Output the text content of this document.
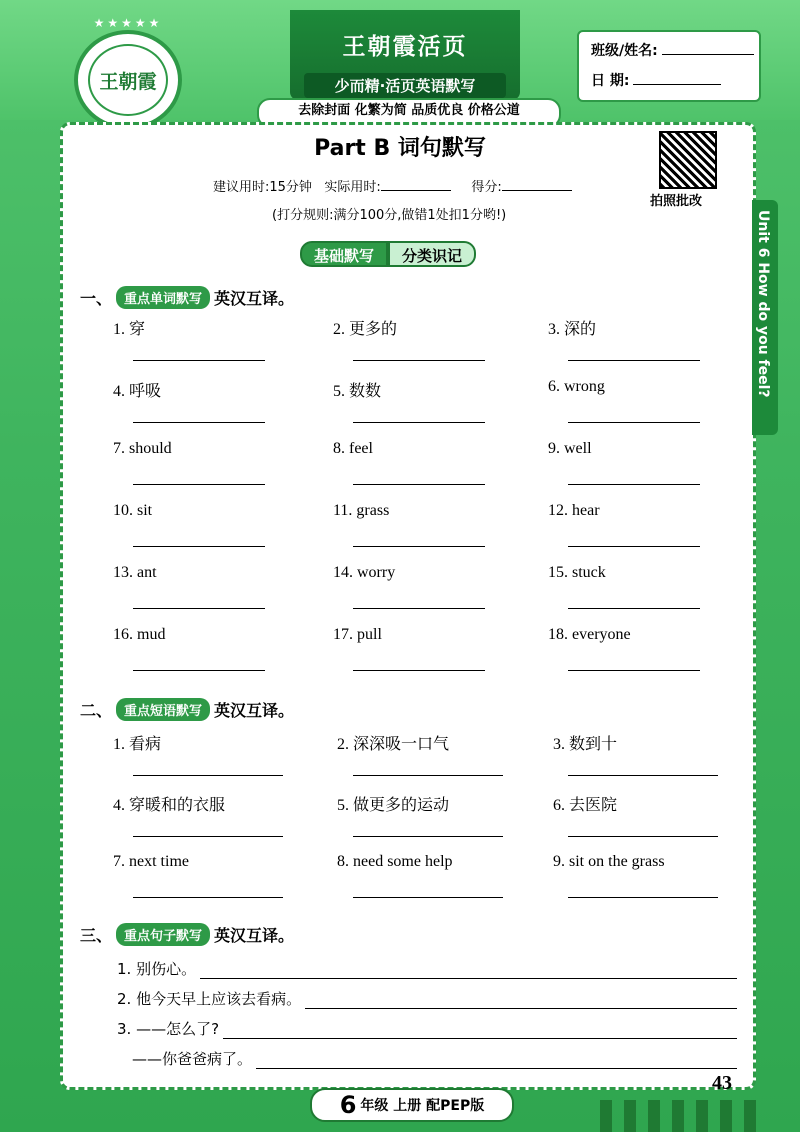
★★★★★
王朝霞
王朝霞活页
少而精·活页英语默写
班级/姓名:
日 期:
去除封面 化繁为简 品质优良 价格公道
Unit 6 How do you feel?
Part B 词句默写
拍照批改
建议用时:15分钟 实际用时:	得分:
(打分规则:满分100分,做错1处扣1分哟!)
基础默写	分类识记
一、 重点单词默写 英汉互译。
1. 穿	2. 更多的	3. 深的
4. 呼吸	5. 数数	6. wrong
7. should	8. feel	9. well
10. sit	11. grass	12. hear
13. ant	14. worry	15. stuck
16. mud	17. pull	18. everyone
二、 重点短语默写 英汉互译。
1. 看病	2. 深深吸一口气	3. 数到十
4. 穿暖和的衣服	5. 做更多的运动	6. 去医院
7. next time	8. need some help	9. sit on the grass
三、 重点句子默写 英汉互译。
1. 别伤心。
2. 他今天早上应该去看病。
3. ——怎么了?
——你爸爸病了。
43
6 年级 上册 配PEP版
